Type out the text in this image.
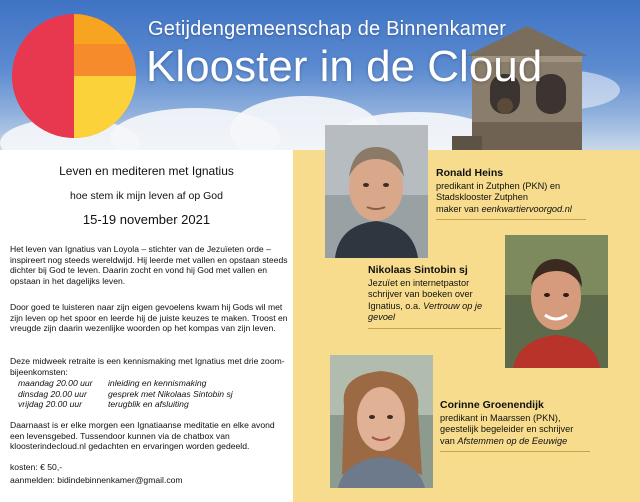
Getijdengemeenschap de Binnenkamer
Klooster in de Cloud
Leven en mediteren met Ignatius
hoe stem ik mijn leven af op God
15-19 november 2021
Het leven van Ignatius van Loyola – stichter van de Jezuïeten orde – inspireert nog steeds wereldwijd. Hij leerde met vallen en opstaan steeds dichter bij God te leven. Daarin zocht en vond hij God met vallen en opstaan in het dagelijks leven.
Door goed te luisteren naar zijn eigen gevoelens kwam hij Gods wil met zijn leven op het spoor en leerde hij de juiste keuzes te maken. Troost en vreugde zijn daarin wezenlijke woorden op het kompas van zijn leven.
Deze midweek retraite is een kennismaking met Ignatius met drie zoom-bijeenkomsten:
maandag 20.00 uur	inleiding en kennismaking
dinsdag 20.00 uur	gesprek met Nikolaas Sintobin sj
vrijdag 20.00 uur	terugblik en afsluiting
Daarnaast is er elke morgen een Ignatiaanse meditatie en elke avond een levensgebed. Tussendoor kunnen via de chatbox van kloosterindecloud.nl gedachten en ervaringen worden gedeeld.
kosten: € 50,-
aanmelden: bidindebinnenkamer@gmail.com
Ronald Heins
predikant in Zutphen (PKN) en
Stadsklooster Zutphen
maker van eenkwartiervoorgod.nl
Nikolaas Sintobin sj
Jezuïet en internetpastor
schrijver van boeken over
Ignatius, o.a. Vertrouw op je
gevoel
Corinne Groenendijk
predikant in Maarssen (PKN),
geestelijk begeleider en schrijver
van Afstemmen op de Eeuwige
